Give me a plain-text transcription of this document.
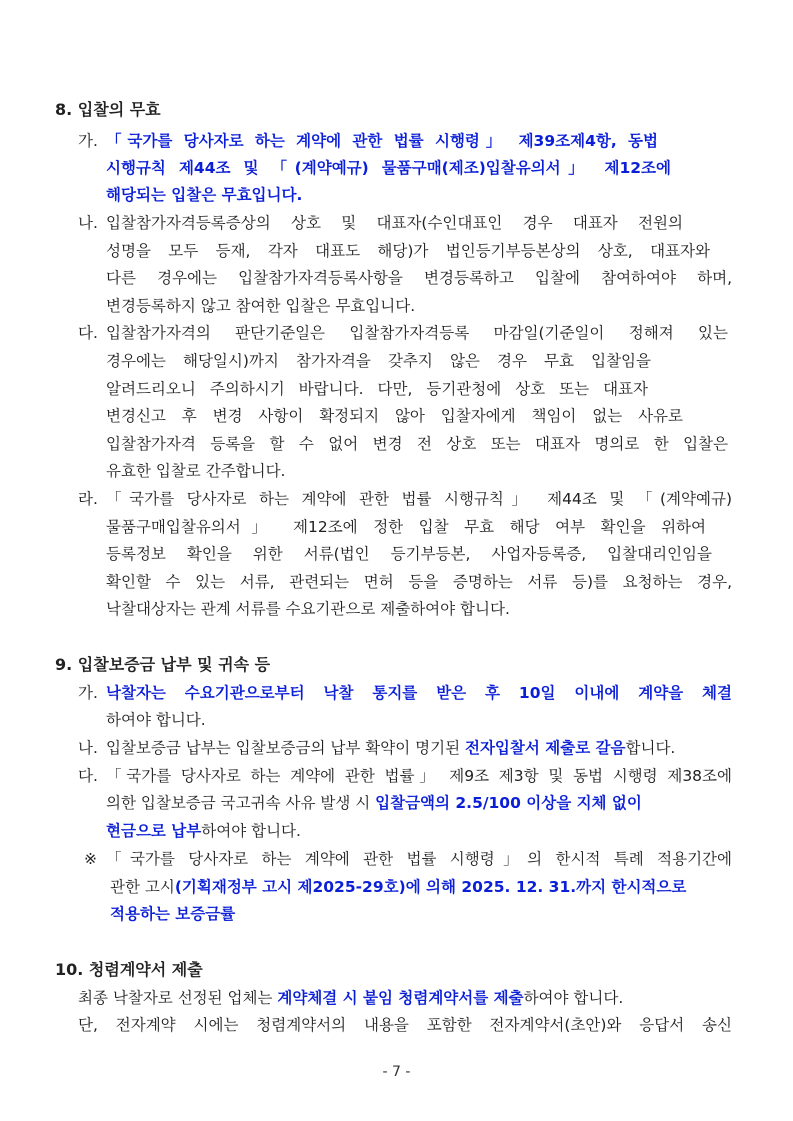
8. 입찰의 무효
가. 「국가를 당사자로 하는 계약에 관한 법률 시행령」 제39조제4항, 동법
시행규칙 제44조 및 「(계약예규) 물품구매(제조)입찰유의서」 제12조에
해당되는 입찰은 무효입니다.
나. 입찰참가자격등록증상의 상호 및 대표자(수인대표인 경우 대표자 전원의
성명을 모두 등재, 각자 대표도 해당)가 법인등기부등본상의 상호, 대표자와
다른 경우에는 입찰참가자격등록사항을 변경등록하고 입찰에 참여하여야 하며,
변경등록하지 않고 참여한 입찰은 무효입니다.
다. 입찰참가자격의 판단기준일은 입찰참가자격등록 마감일(기준일이 정해져 있는
경우에는 해당일시)까지 참가자격을 갖추지 않은 경우 무효 입찰임을
알려드리오니 주의하시기 바랍니다. 다만, 등기관청에 상호 또는 대표자
변경신고 후 변경 사항이 확정되지 않아 입찰자에게 책임이 없는 사유로
입찰참가자격 등록을 할 수 없어 변경 전 상호 또는 대표자 명의로 한 입찰은
유효한 입찰로 간주합니다.
라. 「국가를 당사자로 하는 계약에 관한 법률 시행규칙」 제44조 및 「(계약예규)
물품구매입찰유의서」 제12조에 정한 입찰 무효 해당 여부 확인을 위하여
등록정보 확인을 위한 서류(법인 등기부등본, 사업자등록증, 입찰대리인임을
확인할 수 있는 서류, 관련되는 면허 등을 증명하는 서류 등)를 요청하는 경우,
낙찰대상자는 관계 서류를 수요기관으로 제출하여야 합니다.
9. 입찰보증금 납부 및 귀속 등
가. 낙찰자는 수요기관으로부터 낙찰 통지를 받은 후 10일 이내에 계약을 체결
하여야 합니다.
나. 입찰보증금 납부는 입찰보증금의 납부 확약이 명기된 전자입찰서 제출로 갈음합니다.
다. 「국가를 당사자로 하는 계약에 관한 법률」 제9조 제3항 및 동법 시행령 제38조에
의한 입찰보증금 국고귀속 사유 발생 시 입찰금액의 2.5/100 이상을 지체 없이
현금으로 납부하여야 합니다.
※ 「국가를 당사자로 하는 계약에 관한 법률 시행령」의 한시적 특례 적용기간에
관한 고시(기획재정부 고시 제2025-29호)에 의해 2025. 12. 31.까지 한시적으로
적용하는 보증금률
10. 청렴계약서 제출
최종 낙찰자로 선정된 업체는 계약체결 시 붙임 청렴계약서를 제출하여야 합니다.
단, 전자계약 시에는 청렴계약서의 내용을 포함한 전자계약서(초안)와 응답서 송신
- 7 -
